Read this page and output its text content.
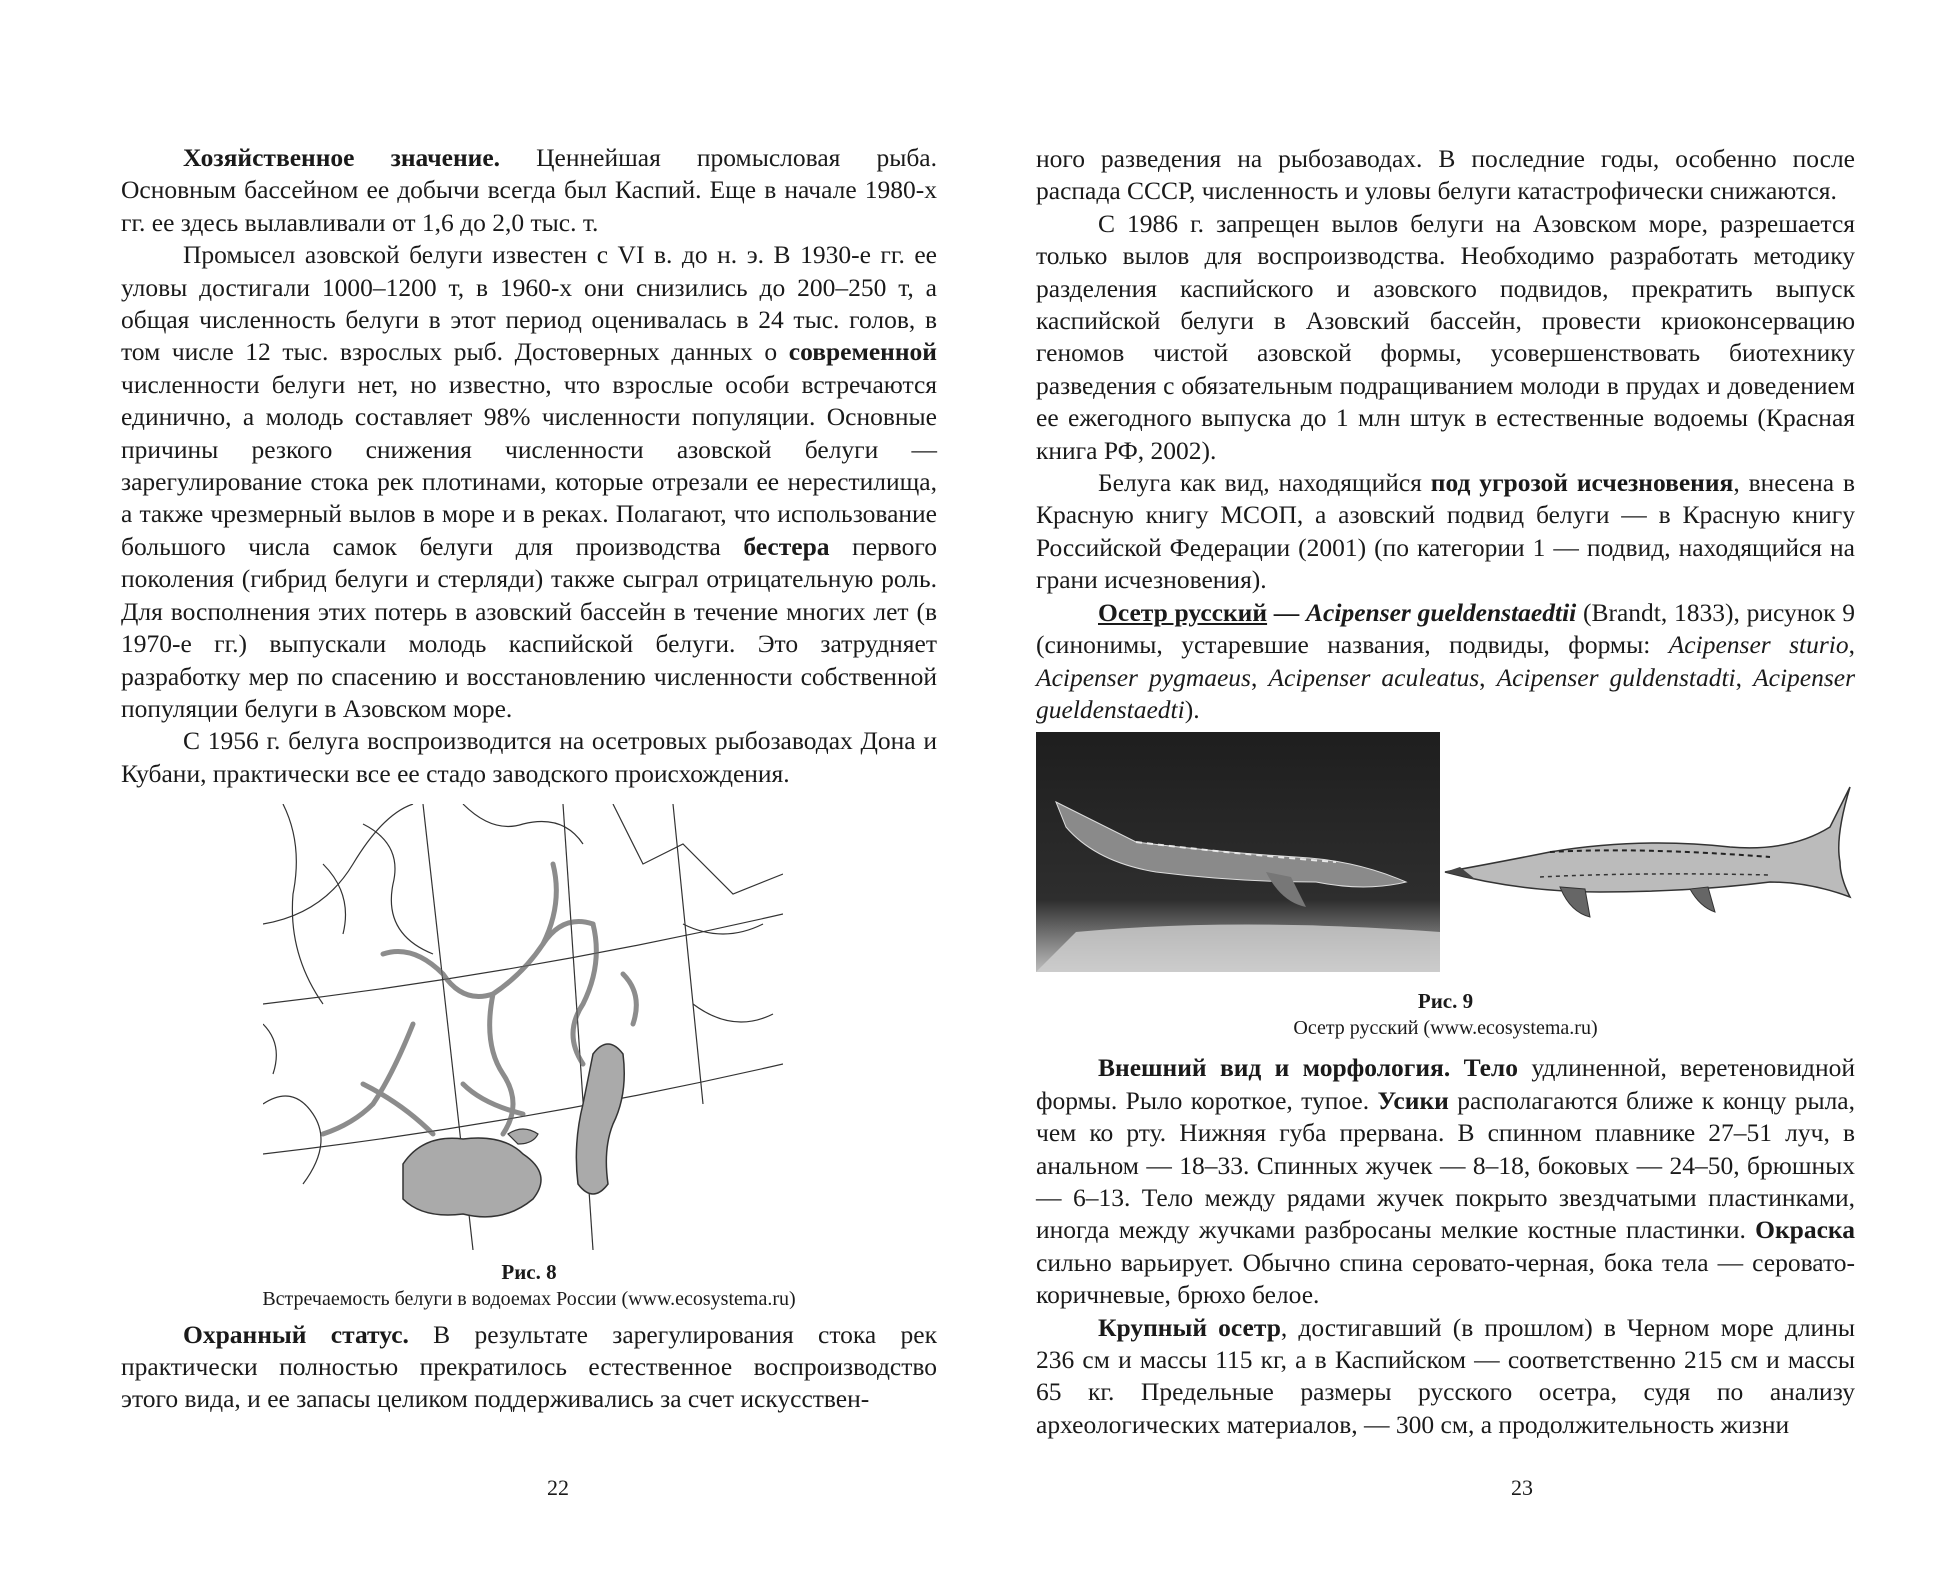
Хозяйственное значение. Ценнейшая промысловая рыба. Основным бассейном ее добычи всегда был Каспий. Еще в начале 1980-х гг. ее здесь вылавливали от 1,6 до 2,0 тыс. т.

Промысел азовской белуги известен с VI в. до н. э. В 1930-е гг. ее уловы достигали 1000–1200 т, в 1960-х они снизились до 200–250 т, а общая численность белуги в этот период оценивалась в 24 тыс. голов, в том числе 12 тыс. взрослых рыб. Достоверных данных о современной численности белуги нет, но известно, что взрослые особи встречаются единично, а молодь составляет 98% численности популяции. Основные причины резкого снижения численности азовской белуги — зарегулирование стока рек плотинами, которые отрезали ее нерестилища, а также чрезмерный вылов в море и в реках. Полагают, что использование большого числа самок белуги для производства бестера первого поколения (гибрид белуги и стерляди) также сыграл отрицательную роль. Для восполнения этих потерь в азовский бассейн в течение многих лет (в 1970-е гг.) выпускали молодь каспийской белуги. Это затрудняет разработку мер по спасению и восстановлению численности собственной популяции белуги в Азовском море.

С 1956 г. белуга воспроизводится на осетровых рыбозаводах Дона и Кубани, практически все ее стадо заводского происхождения.

Рис. 8
Встречаемость белуги в водоемах России (www.ecosystema.ru)

Охранный статус. В результате зарегулирования стока рек практически полностью прекратилось естественное воспроизводство этого вида, и ее запасы целиком поддерживались за счет искусствен-

22

ного разведения на рыбозаводах. В последние годы, особенно после распада СССР, численность и уловы белуги катастрофически снижаются.

С 1986 г. запрещен вылов белуги на Азовском море, разрешается только вылов для воспроизводства. Необходимо разработать методику разделения каспийского и азовского подвидов, прекратить выпуск каспийской белуги в Азовский бассейн, провести криоконсервацию геномов чистой азовской формы, усовершенствовать биотехнику разведения с обязательным подращиванием молоди в прудах и доведением ее ежегодного выпуска до 1 млн штук в естественные водоемы (Красная книга РФ, 2002).

Белуга как вид, находящийся под угрозой исчезновения, внесена в Красную книгу МСОП, а азовский подвид белуги — в Красную книгу Российской Федерации (2001) (по категории 1 — подвид, находящийся на грани исчезновения).

Осетр русский — Acipenser gueldenstaedtii (Brandt, 1833), рисунок 9 (синонимы, устаревшие названия, подвиды, формы: Acipenser sturio, Acipenser pygmaeus, Acipenser aculeatus, Acipenser guldenstadti, Acipenser gueldenstaedti).

Рис. 9
Осетр русский (www.ecosystema.ru)

Внешний вид и морфология. Тело удлиненной, веретеновидной формы. Рыло короткое, тупое. Усики располагаются ближе к концу рыла, чем ко рту. Нижняя губа прервана. В спинном плавнике 27–51 луч, в анальном — 18–33. Спинных жучек — 8–18, боковых — 24–50, брюшных — 6–13. Тело между рядами жучек покрыто звездчатыми пластинками, иногда между жучками разбросаны мелкие костные пластинки. Окраска сильно варьирует. Обычно спина серовато-черная, бока тела — серовато-коричневые, брюхо белое.

Крупный осетр, достигавший (в прошлом) в Черном море длины 236 см и массы 115 кг, а в Каспийском — соответственно 215 см и массы 65 кг. Предельные размеры русского осетра, судя по анализу археологических материалов, — 300 см, а продолжительность жизни

23
